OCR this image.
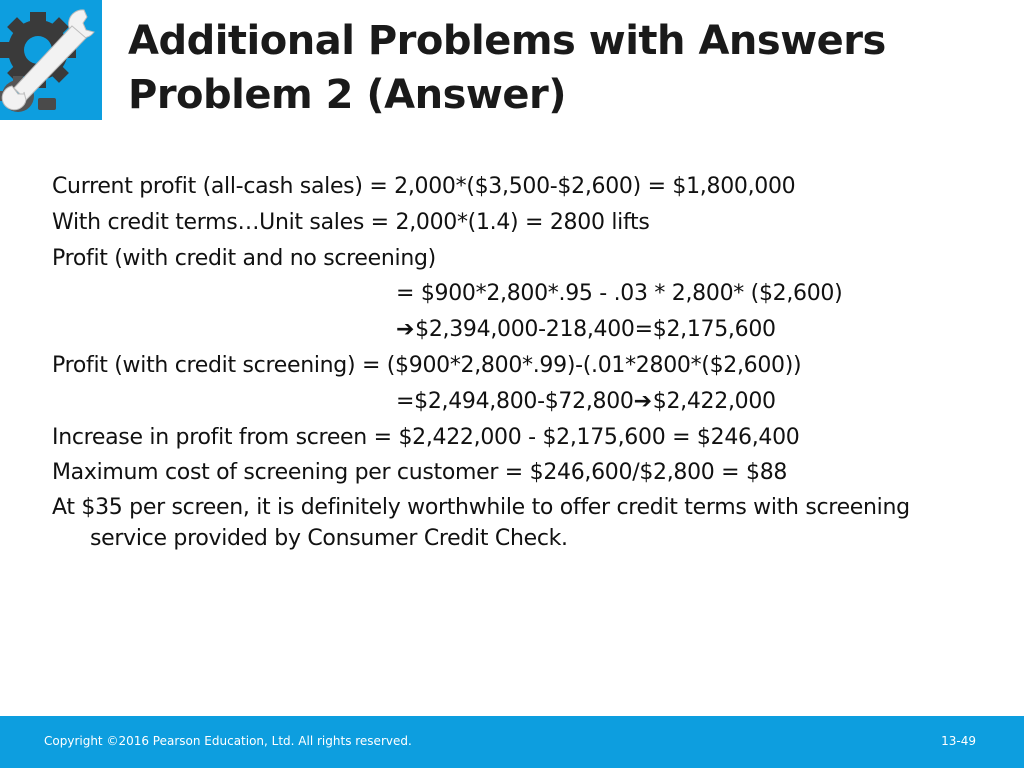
Additional Problems with Answers
Problem 2 (Answer)
Current profit (all-cash sales) = 2,000*($3,500-$2,600) = $1,800,000
With credit terms…Unit sales = 2,000*(1.4) = 2800 lifts
Profit (with credit and no screening)
= $900*2,800*.95 - .03 * 2,800* ($2,600)
➔$2,394,000-218,400=$2,175,600
Profit (with credit screening) = ($900*2,800*.99)-(.01*2800*($2,600))
=$2,494,800-$72,800➔$2,422,000
Increase in profit from screen = $2,422,000 - $2,175,600 = $246,400
Maximum cost of screening per customer = $246,600/$2,800 = $88
At $35 per screen, it is definitely worthwhile to offer credit terms with screening service provided by Consumer Credit Check.
Copyright ©2016 Pearson Education, Ltd. All rights reserved.	13-49
